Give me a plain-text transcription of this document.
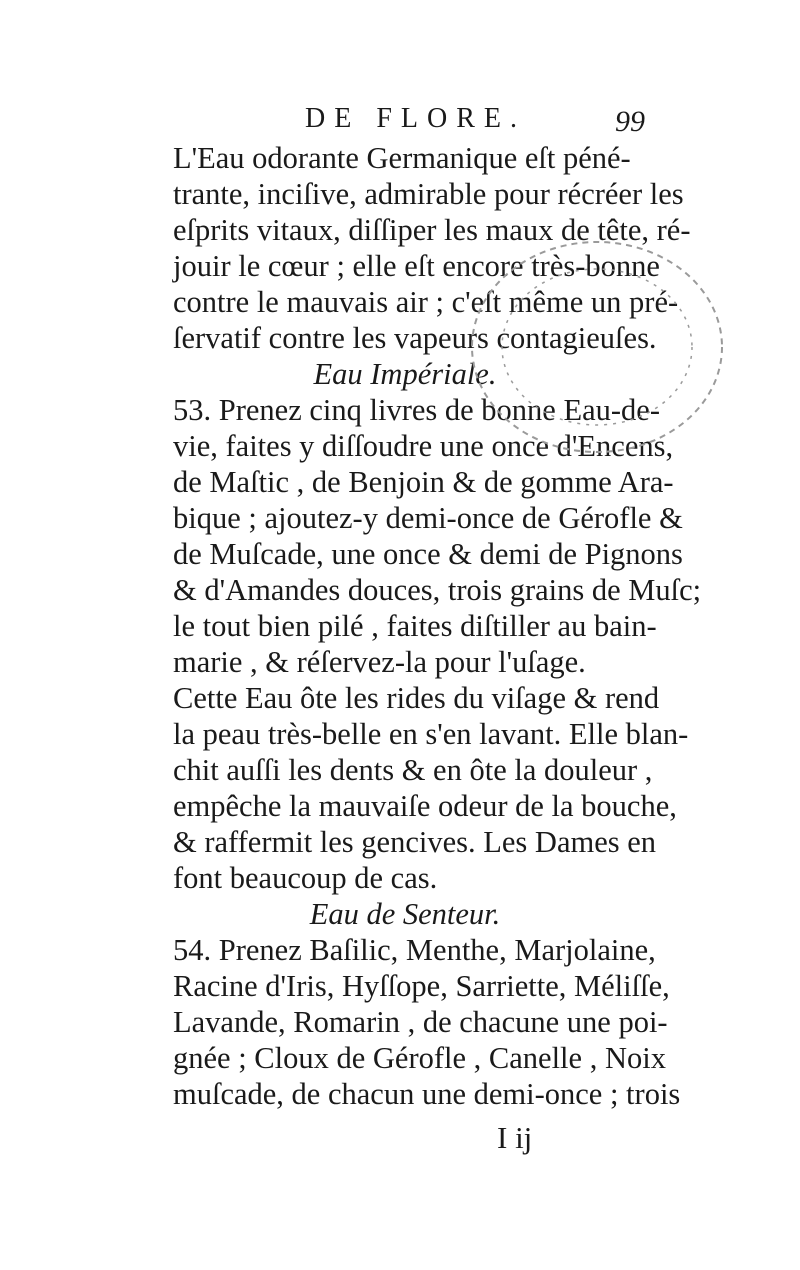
DE FLORE.	99

L'Eau odorante Germanique eſt péné-
trante, inciſive, admirable pour récréer les
eſprits vitaux, diſſiper les maux de tête, ré-
jouir le cœur ; elle eſt encore très-bonne
contre le mauvais air ; c'eſt même un pré-
ſervatif contre les vapeurs contagieuſes.

Eau Impériale.

53. Prenez cinq livres de bonne Eau-de-
vie, faites y diſſoudre une once d'Encens,
de Maſtic , de Benjoin & de gomme Ara-
bique ; ajoutez-y demi-once de Gérofle &
de Muſcade, une once & demi de Pignons
& d'Amandes douces, trois grains de Muſc;
le tout bien pilé , faites diſtiller au bain-
marie , & réſervez-la pour l'uſage.

Cette Eau ôte les rides du viſage & rend
la peau très-belle en s'en lavant. Elle blan-
chit auſſi les dents & en ôte la douleur ,
empêche la mauvaiſe odeur de la bouche,
& raffermit les gencives. Les Dames en
font beaucoup de cas.

Eau de Senteur.

54. Prenez Baſilic, Menthe, Marjolaine,
Racine d'Iris, Hyſſope, Sarriette, Méliſſe,
Lavande, Romarin , de chacune une poi-
gnée ; Cloux de Gérofle , Canelle , Noix
muſcade, de chacun une demi-once ; trois

I ij
